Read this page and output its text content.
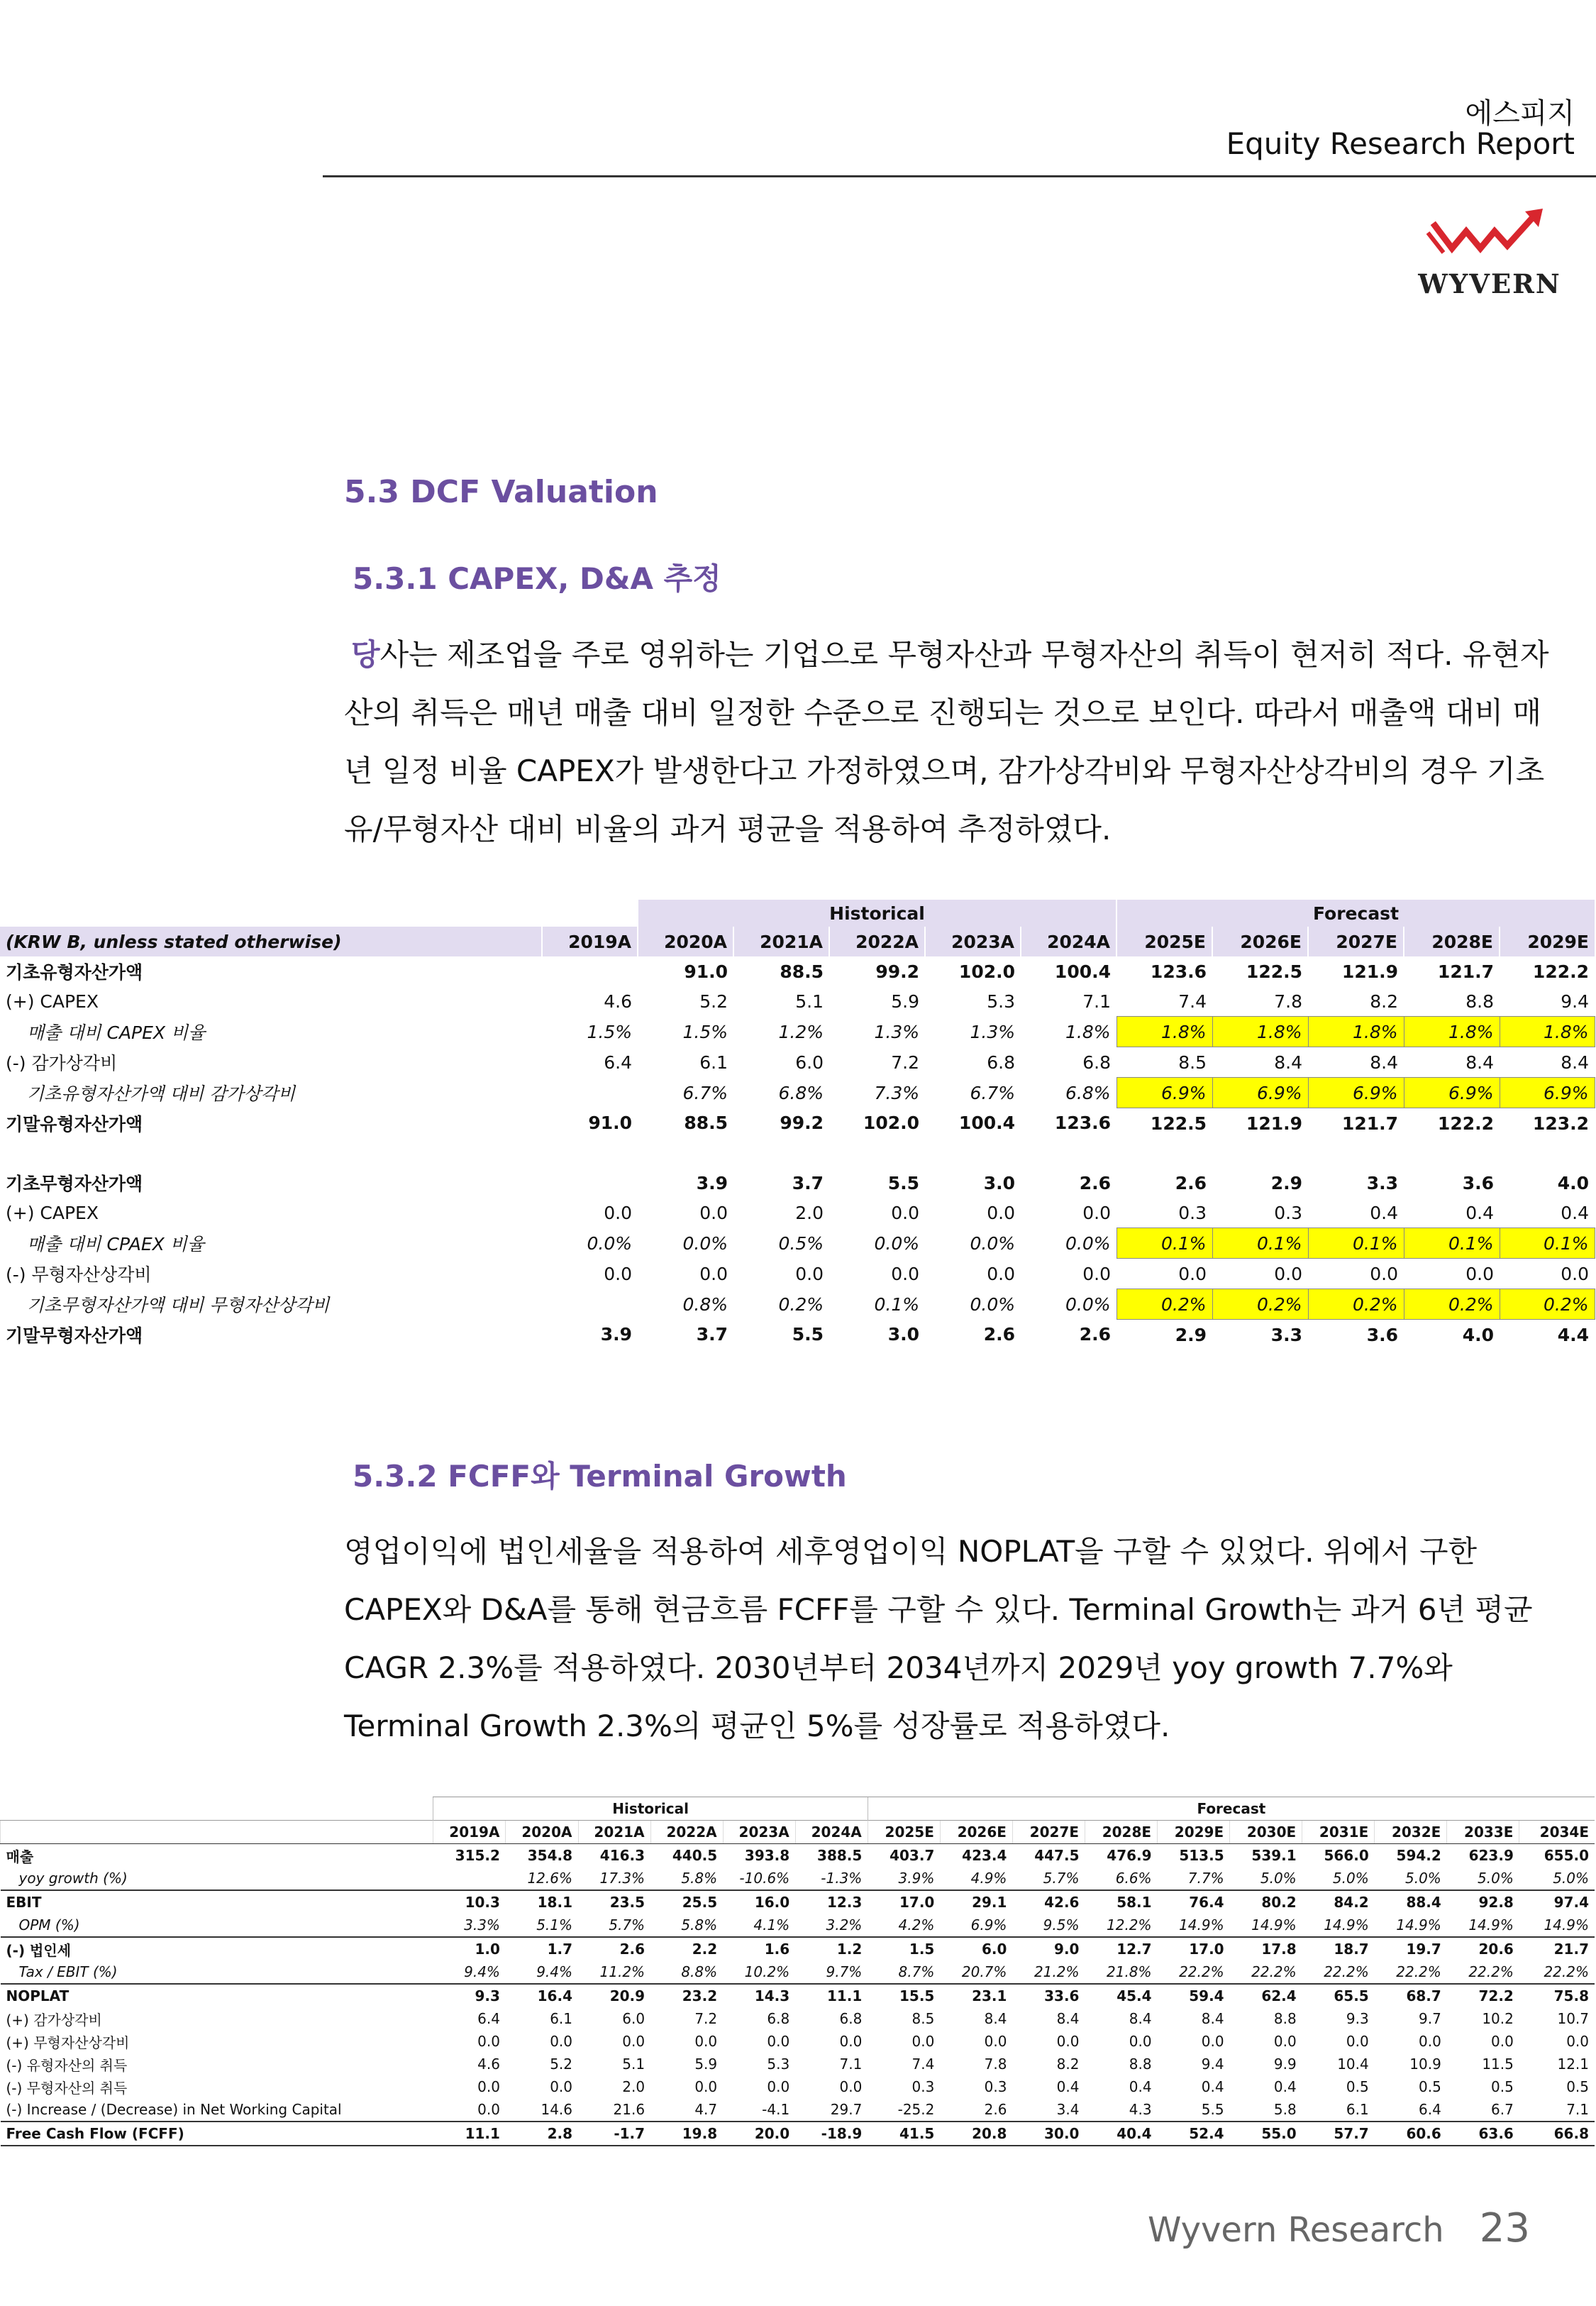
에스피지
Equity Research Report
WYVERN
5.3 DCF Valuation
5.3.1 CAPEX, D&A 추정
당사는 제조업을 주로 영위하는 기업으로 무형자산과 무형자산의 취득이 현저히 적다. 유현자
산의 취득은 매년 매출 대비 일정한 수준으로 진행되는 것으로 보인다. 따라서 매출액 대비 매
년 일정 비율 CAPEX가 발생한다고 가정하였으며, 감가상각비와 무형자산상각비의 경우 기초
유/무형자산 대비 비율의 과거 평균을 적용하여 추정하였다.
		Historical					Forecast				
(KRW B, unless stated otherwise)	2019A	2020A	2021A	2022A	2023A	2024A	2025E	2026E	2027E	2028E	2029E
기초유형자산가액		91.0	88.5	99.2	102.0	100.4	123.6	122.5	121.9	121.7	122.2
(+) CAPEX	4.6	5.2	5.1	5.9	5.3	7.1	7.4	7.8	8.2	8.8	9.4
매출 대비 CAPEX 비율	1.5%	1.5%	1.2%	1.3%	1.3%	1.8%	1.8%	1.8%	1.8%	1.8%	1.8%
(-) 감가상각비	6.4	6.1	6.0	7.2	6.8	6.8	8.5	8.4	8.4	8.4	8.4
기초유형자산가액 대비 감가상각비		6.7%	6.8%	7.3%	6.7%	6.8%	6.9%	6.9%	6.9%	6.9%	6.9%
기말유형자산가액	91.0	88.5	99.2	102.0	100.4	123.6	122.5	121.9	121.7	122.2	123.2

기초무형자산가액		3.9	3.7	5.5	3.0	2.6	2.6	2.9	3.3	3.6	4.0
(+) CAPEX	0.0	0.0	2.0	0.0	0.0	0.0	0.3	0.3	0.4	0.4	0.4
매출 대비 CPAEX 비율	0.0%	0.0%	0.5%	0.0%	0.0%	0.0%	0.1%	0.1%	0.1%	0.1%	0.1%
(-) 무형자산상각비	0.0	0.0	0.0	0.0	0.0	0.0	0.0	0.0	0.0	0.0	0.0
기초무형자산가액 대비 무형자산상각비		0.8%	0.2%	0.1%	0.0%	0.0%	0.2%	0.2%	0.2%	0.2%	0.2%
기말무형자산가액	3.9	3.7	5.5	3.0	2.6	2.6	2.9	3.3	3.6	4.0	4.4
5.3.2 FCFF와 Terminal Growth
영업이익에 법인세율을 적용하여 세후영업이익 NOPLAT을 구할 수 있었다. 위에서 구한
CAPEX와 D&A를 통해 현금흐름 FCFF를 구할 수 있다. Terminal Growth는 과거 6년 평균
CAGR 2.3%를 적용하였다. 2030년부터 2034년까지 2029년 yoy growth 7.7%와
Terminal Growth 2.3%의 평균인 5%를 성장률로 적용하였다.
	Historical						Forecast									
	2019A	2020A	2021A	2022A	2023A	2024A	2025E	2026E	2027E	2028E	2029E	2030E	2031E	2032E	2033E	2034E
매출	315.2	354.8	416.3	440.5	393.8	388.5	403.7	423.4	447.5	476.9	513.5	539.1	566.0	594.2	623.9	655.0
yoy growth (%)		12.6%	17.3%	5.8%	-10.6%	-1.3%	3.9%	4.9%	5.7%	6.6%	7.7%	5.0%	5.0%	5.0%	5.0%	5.0%
EBIT	10.3	18.1	23.5	25.5	16.0	12.3	17.0	29.1	42.6	58.1	76.4	80.2	84.2	88.4	92.8	97.4
OPM (%)	3.3%	5.1%	5.7%	5.8%	4.1%	3.2%	4.2%	6.9%	9.5%	12.2%	14.9%	14.9%	14.9%	14.9%	14.9%	14.9%
(-) 법인세	1.0	1.7	2.6	2.2	1.6	1.2	1.5	6.0	9.0	12.7	17.0	17.8	18.7	19.7	20.6	21.7
Tax / EBIT (%)	9.4%	9.4%	11.2%	8.8%	10.2%	9.7%	8.7%	20.7%	21.2%	21.8%	22.2%	22.2%	22.2%	22.2%	22.2%	22.2%
NOPLAT	9.3	16.4	20.9	23.2	14.3	11.1	15.5	23.1	33.6	45.4	59.4	62.4	65.5	68.7	72.2	75.8
(+) 감가상각비	6.4	6.1	6.0	7.2	6.8	6.8	8.5	8.4	8.4	8.4	8.4	8.8	9.3	9.7	10.2	10.7
(+) 무형자산상각비	0.0	0.0	0.0	0.0	0.0	0.0	0.0	0.0	0.0	0.0	0.0	0.0	0.0	0.0	0.0	0.0
(-) 유형자산의 취득	4.6	5.2	5.1	5.9	5.3	7.1	7.4	7.8	8.2	8.8	9.4	9.9	10.4	10.9	11.5	12.1
(-) 무형자산의 취득	0.0	0.0	2.0	0.0	0.0	0.0	0.3	0.3	0.4	0.4	0.4	0.4	0.5	0.5	0.5	0.5
(-) Increase / (Decrease) in Net Working Capital	0.0	14.6	21.6	4.7	-4.1	29.7	-25.2	2.6	3.4	4.3	5.5	5.8	6.1	6.4	6.7	7.1
Free Cash Flow (FCFF)	11.1	2.8	-1.7	19.8	20.0	-18.9	41.5	20.8	30.0	40.4	52.4	55.0	57.7	60.6	63.6	66.8
Wyvern Research 23
